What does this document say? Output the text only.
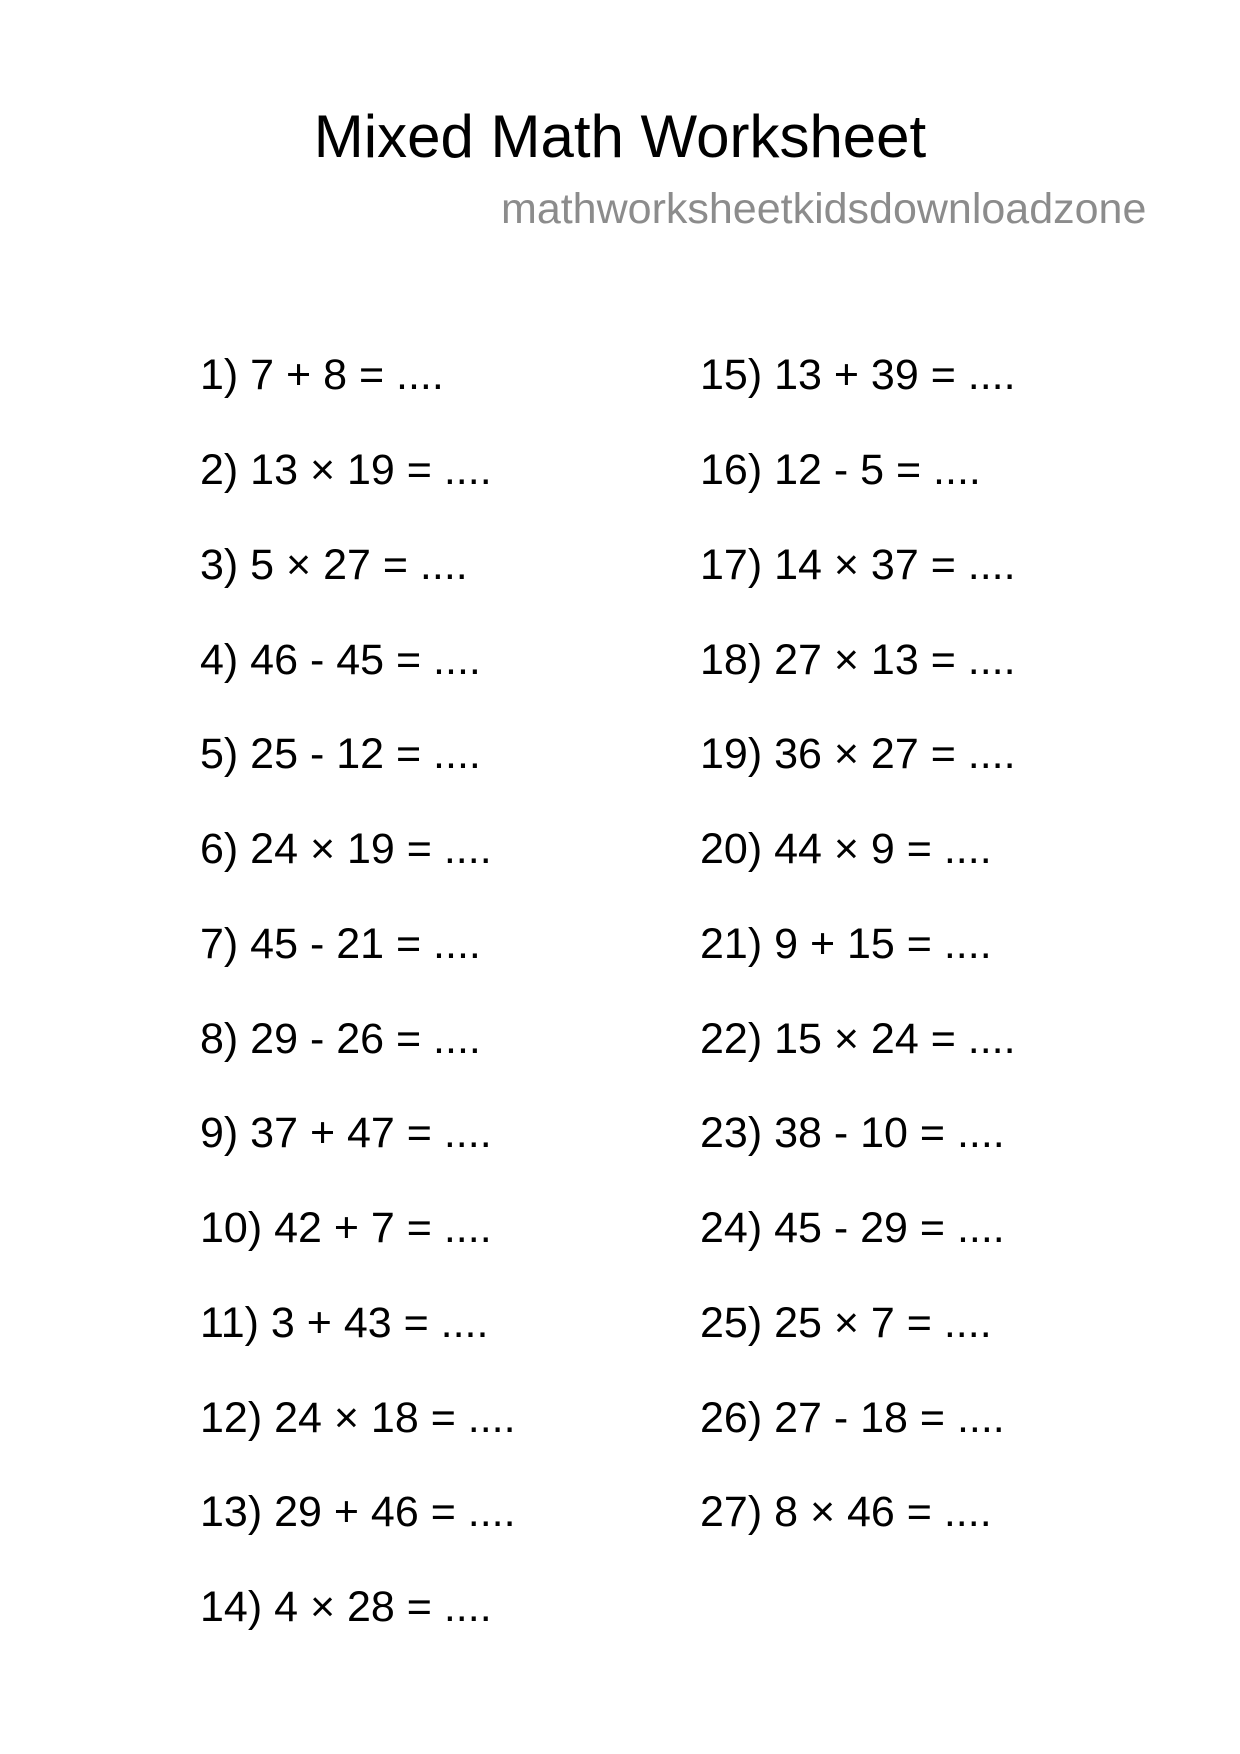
Mixed Math Worksheet
mathworksheetkidsdownloadzone
1) 7 + 8 = ....
2) 13 × 19 = ....
3) 5 × 27 = ....
4) 46 - 45 = ....
5) 25 - 12 = ....
6) 24 × 19 = ....
7) 45 - 21 = ....
8) 29 - 26 = ....
9) 37 + 47 = ....
10) 42 + 7 = ....
11) 3 + 43 = ....
12) 24 × 18 = ....
13) 29 + 46 = ....
14) 4 × 28 = ....
15) 13 + 39 = ....
16) 12 - 5 = ....
17) 14 × 37 = ....
18) 27 × 13 = ....
19) 36 × 27 = ....
20) 44 × 9 = ....
21) 9 + 15 = ....
22) 15 × 24 = ....
23) 38 - 10 = ....
24) 45 - 29 = ....
25) 25 × 7 = ....
26) 27 - 18 = ....
27) 8 × 46 = ....
